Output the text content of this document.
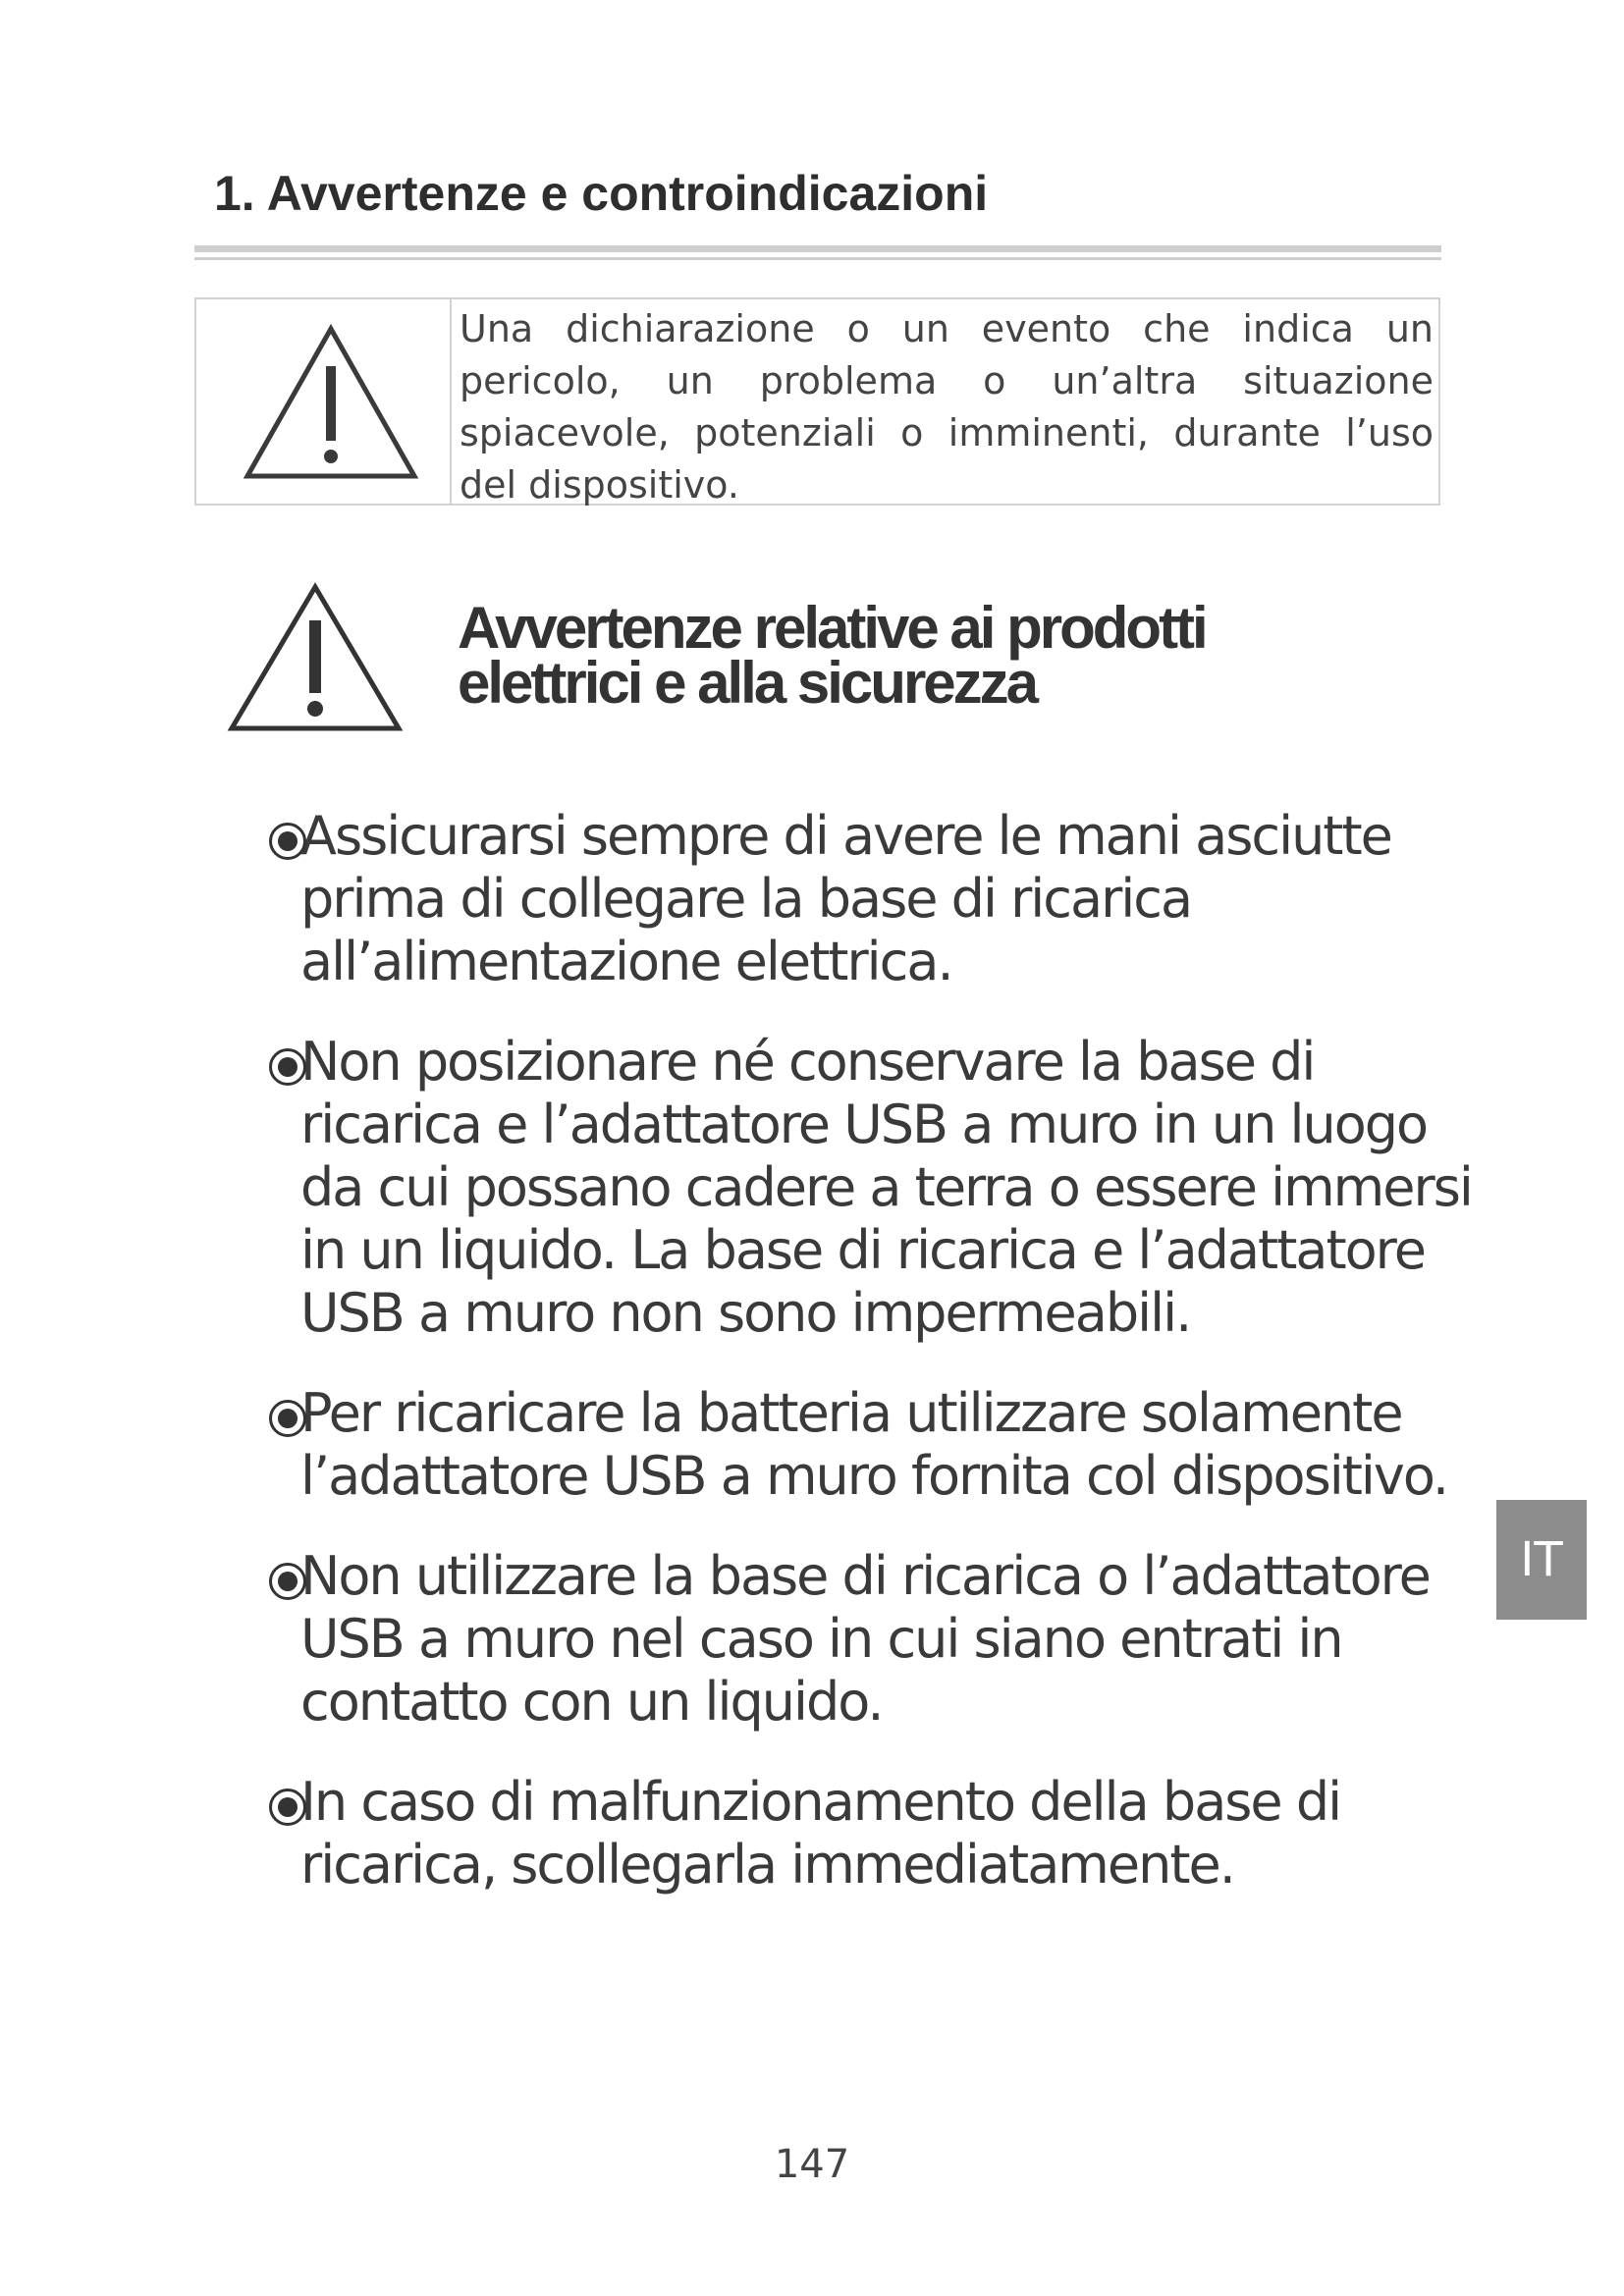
1. Avvertenze e controindicazioni

Una dichiarazione o un evento che indica un pericolo, un problema o un’altra situazione spiacevole, potenziali o imminenti, durante l’uso del dispositivo.

Avvertenze relative ai prodotti
elettrici e alla sicurezza
Assicurarsi sempre di avere le mani asciutte prima di collegare la base di ricarica all’alimentazione elettrica.
Non posizionare né conservare la base di ricarica e l’adattatore USB a muro in un luogo da cui possano cadere a terra o essere immersi in un liquido. La base di ricarica e l’adattatore USB a muro non sono impermeabili.
Per ricaricare la batteria utilizzare solamente l’adattatore USB a muro fornita col dispositivo.
Non utilizzare la base di ricarica o l’adattatore USB a muro nel caso in cui siano entrati in contatto con un liquido.
In caso di malfunzionamento della base di ricarica, scollegarla immediatamente.
IT
147
